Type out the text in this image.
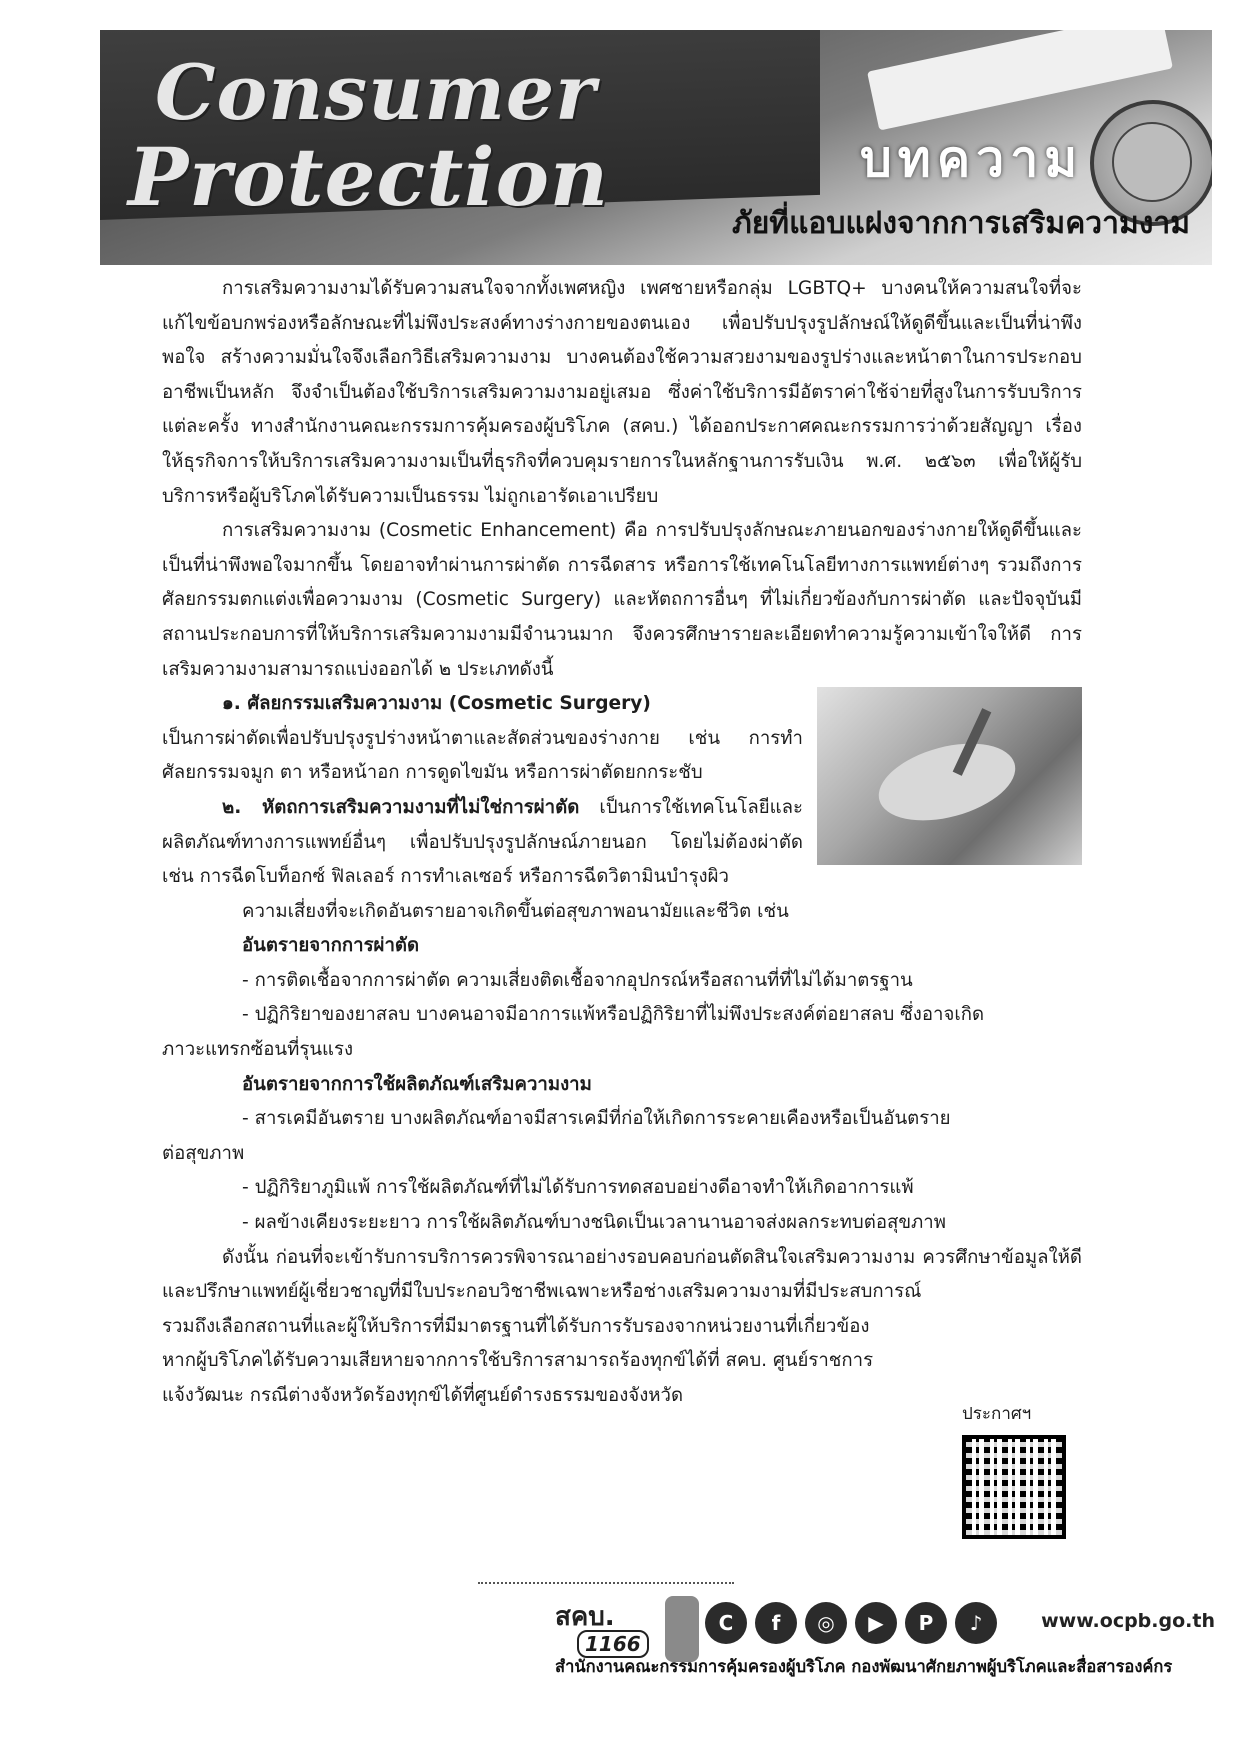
Consumer
Protection	บทความ
ภัยที่แอบแฝงจากการเสริมความงาม

การเสริมความงามได้รับความสนใจจากทั้งเพศหญิง เพศชายหรือกลุ่ม LGBTQ+ บางคนให้ความสนใจที่จะแก้ไขข้อบกพร่องหรือลักษณะที่ไม่พึงประสงค์ทางร่างกายของตนเอง เพื่อปรับปรุงรูปลักษณ์ให้ดูดีขึ้นและเป็นที่น่าพึงพอใจ สร้างความมั่นใจจึงเลือกวิธีเสริมความงาม บางคนต้องใช้ความสวยงามของรูปร่างและหน้าตาในการประกอบอาชีพเป็นหลัก จึงจำเป็นต้องใช้บริการเสริมความงามอยู่เสมอ ซึ่งค่าใช้บริการมีอัตราค่าใช้จ่ายที่สูงในการรับบริการแต่ละครั้ง ทางสำนักงานคณะกรรมการคุ้มครองผู้บริโภค (สคบ.) ได้ออกประกาศคณะกรรมการว่าด้วยสัญญา เรื่อง ให้ธุรกิจการให้บริการเสริมความงามเป็นที่ธุรกิจที่ควบคุมรายการในหลักฐานการรับเงิน พ.ศ. ๒๕๖๓ เพื่อให้ผู้รับบริการหรือผู้บริโภคได้รับความเป็นธรรม ไม่ถูกเอารัดเอาเปรียบ

การเสริมความงาม (Cosmetic Enhancement) คือ การปรับปรุงลักษณะภายนอกของร่างกายให้ดูดีขึ้นและเป็นที่น่าพึงพอใจมากขึ้น โดยอาจทำผ่านการผ่าตัด การฉีดสาร หรือการใช้เทคโนโลยีทางการแพทย์ต่างๆ รวมถึงการศัลยกรรมตกแต่งเพื่อความงาม (Cosmetic Surgery) และหัตถการอื่นๆ ที่ไม่เกี่ยวข้องกับการผ่าตัด และปัจจุบันมีสถานประกอบการที่ให้บริการเสริมความงามมีจำนวนมาก จึงควรศึกษารายละเอียดทำความรู้ความเข้าใจให้ดี การเสริมความงามสามารถแบ่งออกได้ ๒ ประเภทดังนี้

๑. ศัลยกรรมเสริมความงาม (Cosmetic Surgery)

เป็นการผ่าตัดเพื่อปรับปรุงรูปร่างหน้าตาและสัดส่วนของร่างกาย เช่น การทำศัลยกรรมจมูก ตา หรือหน้าอก การดูดไขมัน หรือการผ่าตัดยกกระชับ

๒. หัตถการเสริมความงามที่ไม่ใช่การผ่าตัด เป็นการใช้เทคโนโลยีและผลิตภัณฑ์ทางการแพทย์อื่นๆ เพื่อปรับปรุงรูปลักษณ์ภายนอก โดยไม่ต้องผ่าตัด เช่น การฉีดโบท็อกซ์ ฟิลเลอร์ การทำเลเซอร์ หรือการฉีดวิตามินบำรุงผิว

ความเสี่ยงที่จะเกิดอันตรายอาจเกิดขึ้นต่อสุขภาพอนามัยและชีวิต เช่น

อันตรายจากการผ่าตัด

- การติดเชื้อจากการผ่าตัด ความเสี่ยงติดเชื้อจากอุปกรณ์หรือสถานที่ที่ไม่ได้มาตรฐาน

- ปฏิกิริยาของยาสลบ บางคนอาจมีอาการแพ้หรือปฏิกิริยาที่ไม่พึงประสงค์ต่อยาสลบ ซึ่งอาจเกิด

ภาวะแทรกซ้อนที่รุนแรง

อันตรายจากการใช้ผลิตภัณฑ์เสริมความงาม

- สารเคมีอันตราย บางผลิตภัณฑ์อาจมีสารเคมีที่ก่อให้เกิดการระคายเคืองหรือเป็นอันตราย

ต่อสุขภาพ

- ปฏิกิริยาภูมิแพ้ การใช้ผลิตภัณฑ์ที่ไม่ได้รับการทดสอบอย่างดีอาจทำให้เกิดอาการแพ้

- ผลข้างเคียงระยะยาว การใช้ผลิตภัณฑ์บางชนิดเป็นเวลานานอาจส่งผลกระทบต่อสุขภาพ

ดังนั้น ก่อนที่จะเข้ารับการบริการควรพิจารณาอย่างรอบคอบก่อนตัดสินใจเสริมความงาม ควรศึกษาข้อมูลให้ดี และปรึกษาแพทย์ผู้เชี่ยวชาญที่มีใบประกอบวิชาชีพเฉพาะหรือช่างเสริมความงามที่มีประสบการณ์

รวมถึงเลือกสถานที่และผู้ให้บริการที่มีมาตรฐานที่ได้รับการรับรองจากหน่วยงานที่เกี่ยวข้อง

หากผู้บริโภคได้รับความเสียหายจากการใช้บริการสามารถร้องทุกข์ได้ที่ สคบ. ศูนย์ราชการ

แจ้งวัฒนะ กรณีต่างจังหวัดร้องทุกข์ได้ที่ศูนย์ดำรงธรรมของจังหวัด

ประกาศฯ
สคบ.
1166
C	f	◎	▶	P	♪	www.ocpb.go.th
สำนักงานคณะกรรมการคุ้มครองผู้บริโภค กองพัฒนาศักยภาพผู้บริโภคและสื่อสารองค์กร
